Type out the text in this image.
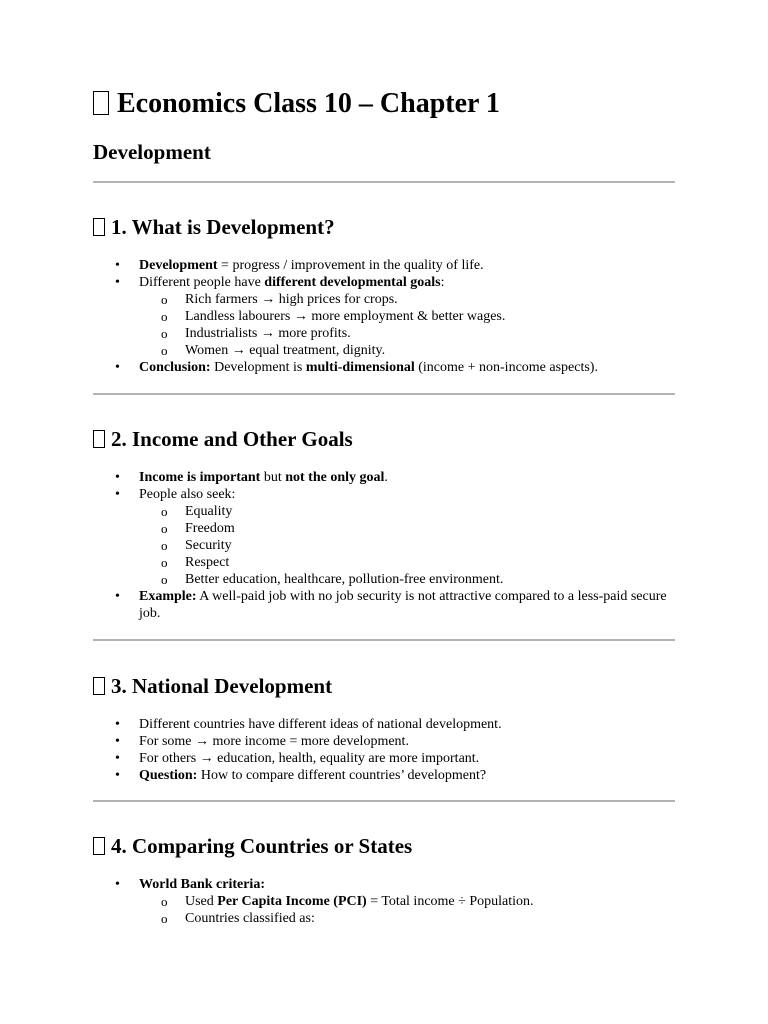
Economics Class 10 – Chapter 1
Development
1. What is Development?
• Development = progress / improvement in the quality of life.
• Different people have different developmental goals:
o Rich farmers → high prices for crops.
o Landless labourers → more employment & better wages.
o Industrialists → more profits.
o Women → equal treatment, dignity.
• Conclusion: Development is multi-dimensional (income + non-income aspects).
2. Income and Other Goals
• Income is important but not the only goal.
• People also seek:
o Equality
o Freedom
o Security
o Respect
o Better education, healthcare, pollution-free environment.
• Example: A well-paid job with no job security is not attractive compared to a less-paid secure job.
3. National Development
• Different countries have different ideas of national development.
• For some → more income = more development.
• For others → education, health, equality are more important.
• Question: How to compare different countries’ development?
4. Comparing Countries or States
• World Bank criteria:
o Used Per Capita Income (PCI) = Total income ÷ Population.
o Countries classified as:
